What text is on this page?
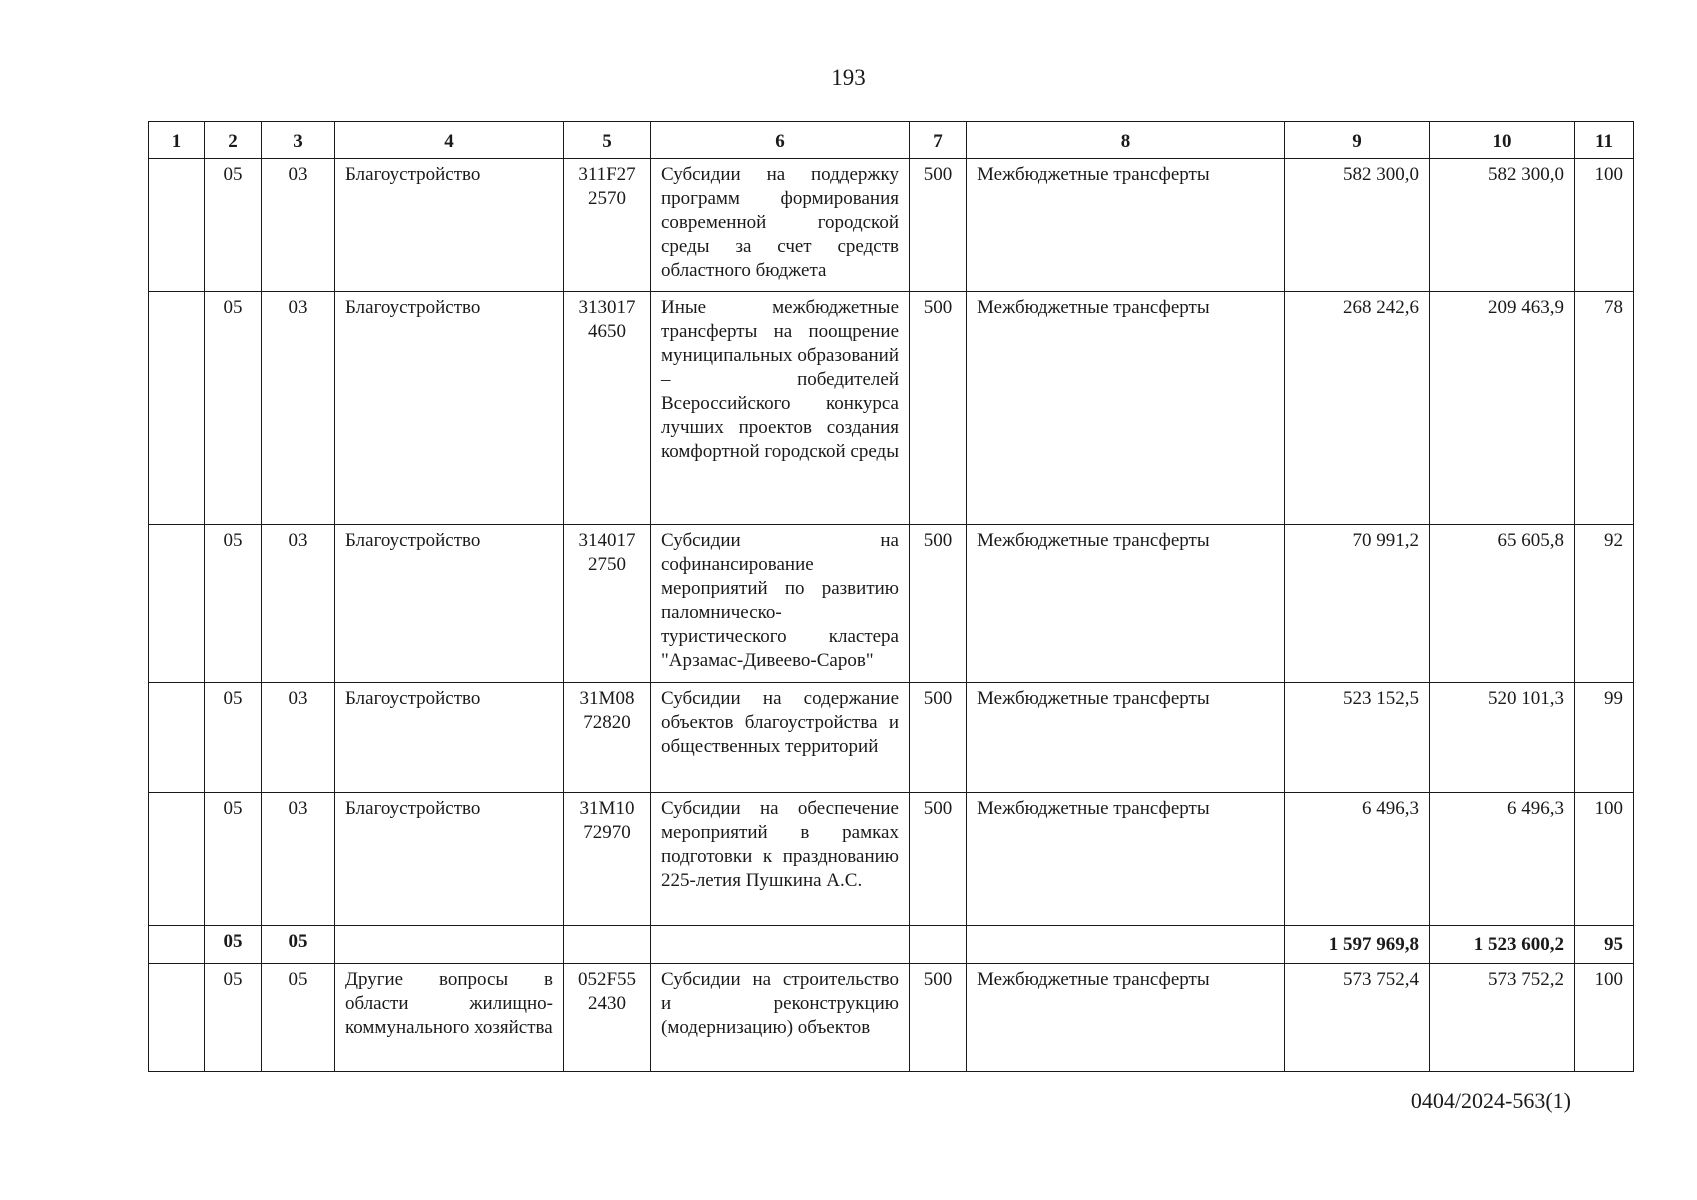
193
1	2	3	4	5	6	7	8	9	10	11
	05	03	Благоустройство	311F27 2570	Субсидии на поддержку программ формирования современной городской среды за счет средств областного бюджета	500	Межбюджетные трансферты	582 300,0	582 300,0	100
	05	03	Благоустройство	313017 4650	Иные межбюджетные трансферты на поощрение муниципальных образований – победителей Всероссийского конкурса лучших проектов создания комфортной городской среды	500	Межбюджетные трансферты	268 242,6	209 463,9	78
	05	03	Благоустройство	314017 2750	Субсидии на софинансирование мероприятий по развитию паломническо-туристического кластера "Арзамас-Дивеево-Саров"	500	Межбюджетные трансферты	70 991,2	65 605,8	92
	05	03	Благоустройство	31М08 72820	Субсидии на содержание объектов благоустройства и общественных территорий	500	Межбюджетные трансферты	523 152,5	520 101,3	99
	05	03	Благоустройство	31М10 72970	Субсидии на обеспечение мероприятий в рамках подготовки к празднованию 225-летия Пушкина А.С.	500	Межбюджетные трансферты	6 496,3	6 496,3	100
	05	05						1 597 969,8	1 523 600,2	95
	05	05	Другие вопросы в области жилищно-коммунального хозяйства	052F55 2430	Субсидии на строительство и реконструкцию (модернизацию) объектов	500	Межбюджетные трансферты	573 752,4	573 752,2	100
0404/2024-563(1)
